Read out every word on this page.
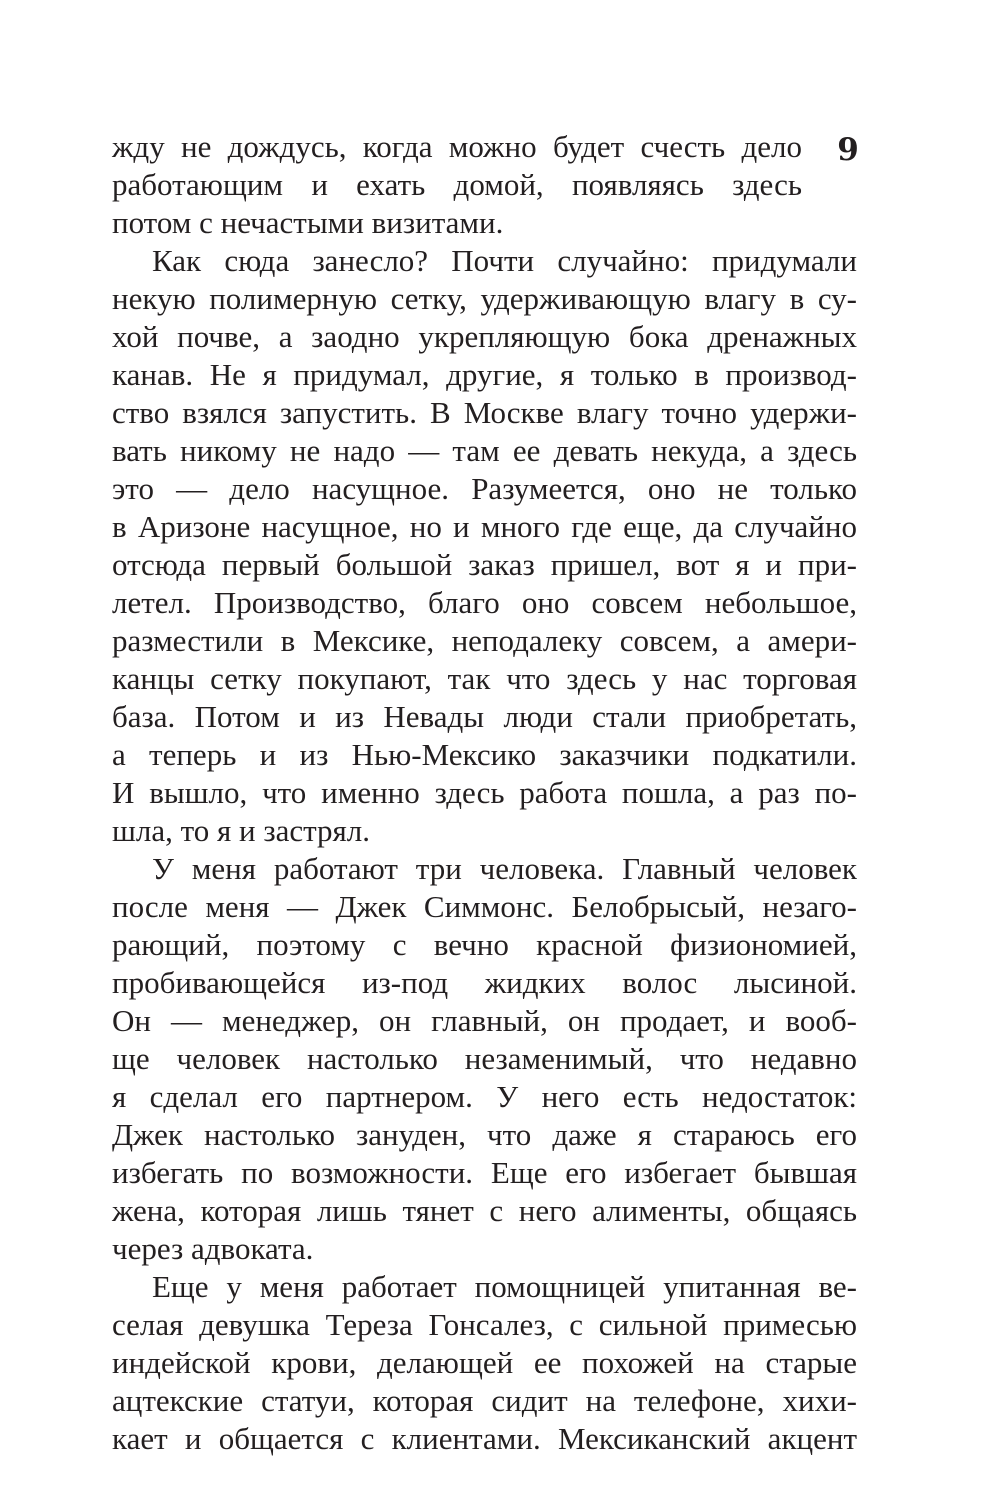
9
жду не дождусь, когда можно будет счесть дело
работающим и ехать домой, появляясь здесь
потом с нечастыми визитами.
Как сюда занесло? Почти случайно: придумали
некую полимерную сетку, удерживающую влагу в су-
хой почве, а заодно укрепляющую бока дренажных
канав. Не я придумал, другие, я только в производ-
ство взялся запустить. В Москве влагу точно удержи-
вать никому не надо — там ее девать некуда, а здесь
это — дело насущное. Разумеется, оно не только
в Аризоне насущное, но и много где еще, да случайно
отсюда первый большой заказ пришел, вот я и при-
летел. Производство, благо оно совсем небольшое,
разместили в Мексике, неподалеку совсем, а амери-
канцы сетку покупают, так что здесь у нас торговая
база. Потом и из Невады люди стали приобретать,
а теперь и из Нью-Мексико заказчики подкатили.
И вышло, что именно здесь работа пошла, а раз по-
шла, то я и застрял.
У меня работают три человека. Главный человек
после меня — Джек Симмонс. Белобрысый, незаго-
рающий, поэтому с вечно красной физиономией,
пробивающейся из-под жидких волос лысиной.
Он — менеджер, он главный, он продает, и вооб-
ще человек настолько незаменимый, что недавно
я сделал его партнером. У него есть недостаток:
Джек настолько зануден, что даже я стараюсь его
избегать по возможности. Еще его избегает бывшая
жена, которая лишь тянет с него алименты, общаясь
через адвоката.
Еще у меня работает помощницей упитанная ве-
селая девушка Тереза Гонсалез, с сильной примесью
индейской крови, делающей ее похожей на старые
ацтекские статуи, которая сидит на телефоне, хихи-
кает и общается с клиентами. Мексиканский акцент
